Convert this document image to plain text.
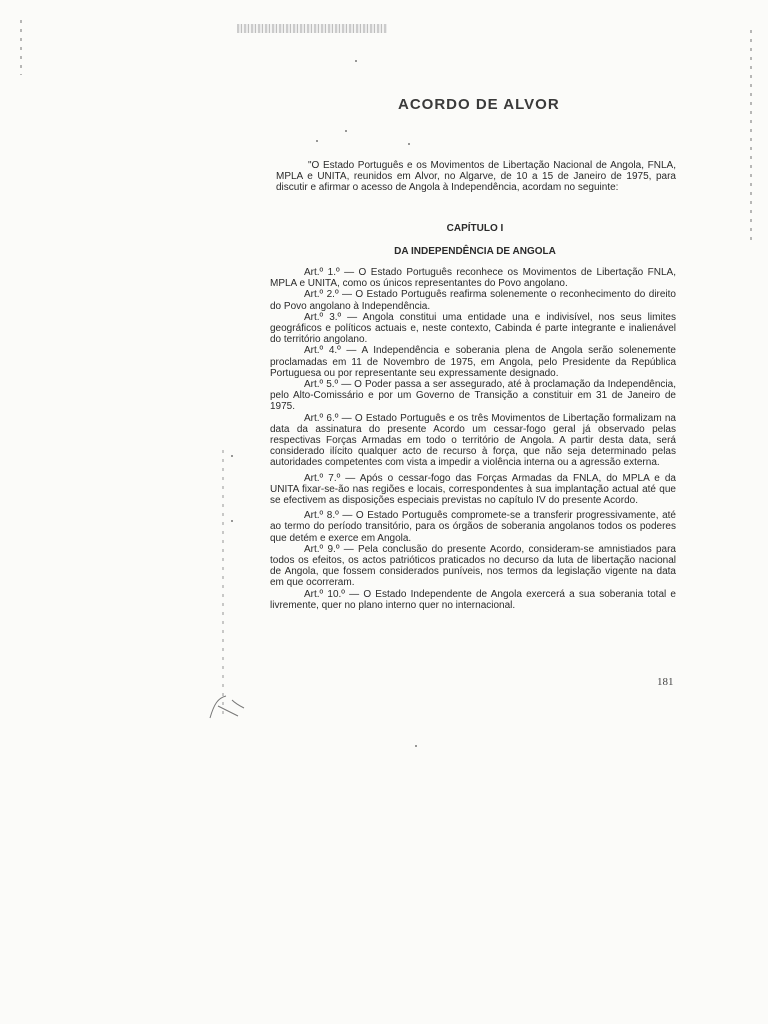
ACORDO DE ALVOR

"O Estado Português e os Movimentos de Libertação Nacional de Angola, FNLA, MPLA e UNITA, reunidos em Alvor, no Algarve, de 10 a 15 de Janeiro de 1975, para discutir e afirmar o acesso de Angola à Independência, acordam no seguinte:

CAPÍTULO I
DA INDEPENDÊNCIA DE ANGOLA

Art.º 1.º — O Estado Português reconhece os Movimentos de Libertação FNLA, MPLA e UNITA, como os únicos representantes do Povo angolano.

Art.º 2.º — O Estado Português reafirma solenemente o reconhecimento do direito do Povo angolano à Independência.

Art.º 3.º — Angola constitui uma entidade una e indivisível, nos seus limites geográficos e políticos actuais e, neste contexto, Cabinda é parte integrante e inalienável do território angolano.

Art.º 4.º — A Independência e soberania plena de Angola serão solenemente proclamadas em 11 de Novembro de 1975, em Angola, pelo Presidente da República Portuguesa ou por representante seu expressamente designado.

Art.º 5.º — O Poder passa a ser assegurado, até à proclamação da Independência, pelo Alto-Comissário e por um Governo de Transição a constituir em 31 de Janeiro de 1975.

Art.º 6.º — O Estado Português e os três Movimentos de Libertação formalizam na data da assinatura do presente Acordo um cessar-fogo geral já observado pelas respectivas Forças Armadas em todo o território de Angola. A partir desta data, será considerado ilícito qualquer acto de recurso à força, que não seja determinado pelas autoridades competentes com vista a impedir a violência interna ou a agressão externa.

Art.º 7.º — Após o cessar-fogo das Forças Armadas da FNLA, do MPLA e da UNITA fixar-se-ão nas regiões e locais, correspondentes à sua implantação actual até que se efectivem as disposições especiais previstas no capítulo IV do presente Acordo.

Art.º 8.º — O Estado Português compromete-se a transferir progressivamente, até ao termo do período transitório, para os órgãos de soberania angolanos todos os poderes que detém e exerce em Angola.

Art.º 9.º — Pela conclusão do presente Acordo, consideram-se amnistiados para todos os efeitos, os actos patrióticos praticados no decurso da luta de libertação nacional de Angola, que fossem considerados puníveis, nos termos da legislação vigente na data em que ocorreram.

Art.º 10.º — O Estado Independente de Angola exercerá a sua soberania total e livremente, quer no plano interno quer no internacional.

181
